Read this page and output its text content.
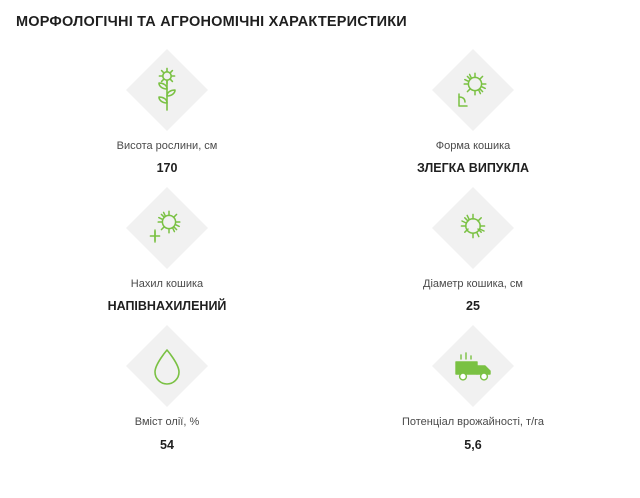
МОРФОЛОГІЧНІ ТА АГРОНОМІЧНІ ХАРАКТЕРИСТИКИ
Висота рослини, см
170
Форма кошика
ЗЛЕГКА ВИПУКЛА
Нахил кошика
НАПІВНАХИЛЕНИЙ
Діаметр кошика, см
25
Вміст олії, %
54
Потенціал врожайності, т/га
5,6
